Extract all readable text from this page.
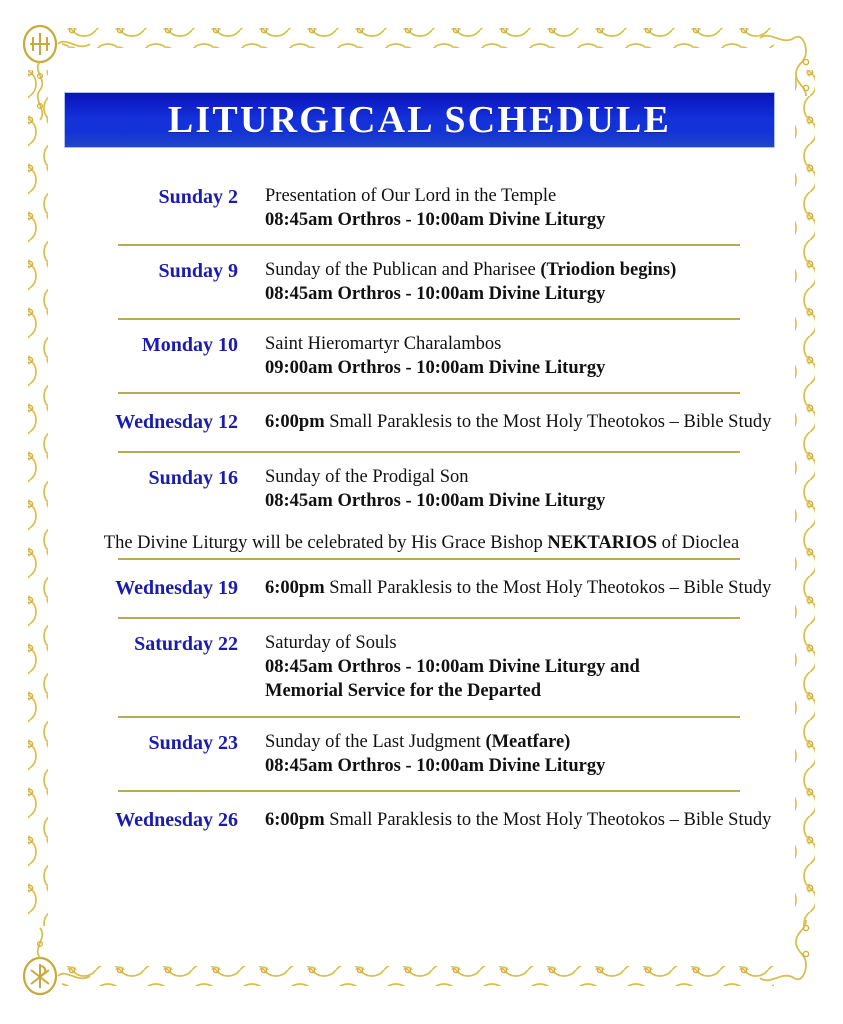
LITURGICAL SCHEDULE
Sunday 2 Presentation of Our Lord in the Temple
08:45am Orthros - 10:00am Divine Liturgy
Sunday 9 Sunday of the Publican and Pharisee (Triodion begins)
08:45am Orthros - 10:00am Divine Liturgy
Monday 10 Saint Hieromartyr Charalambos
09:00am Orthros - 10:00am Divine Liturgy
Wednesday 12 6:00pm Small Paraklesis to the Most Holy Theotokos – Bible Study
Sunday 16 Sunday of the Prodigal Son
08:45am Orthros - 10:00am Divine Liturgy
The Divine Liturgy will be celebrated by His Grace Bishop NEKTARIOS of Dioclea
Wednesday 19 6:00pm Small Paraklesis to the Most Holy Theotokos – Bible Study
Saturday 22 Saturday of Souls
08:45am Orthros - 10:00am Divine Liturgy and
Memorial Service for the Departed
Sunday 23 Sunday of the Last Judgment (Meatfare)
08:45am Orthros - 10:00am Divine Liturgy
Wednesday 26 6:00pm Small Paraklesis to the Most Holy Theotokos – Bible Study
